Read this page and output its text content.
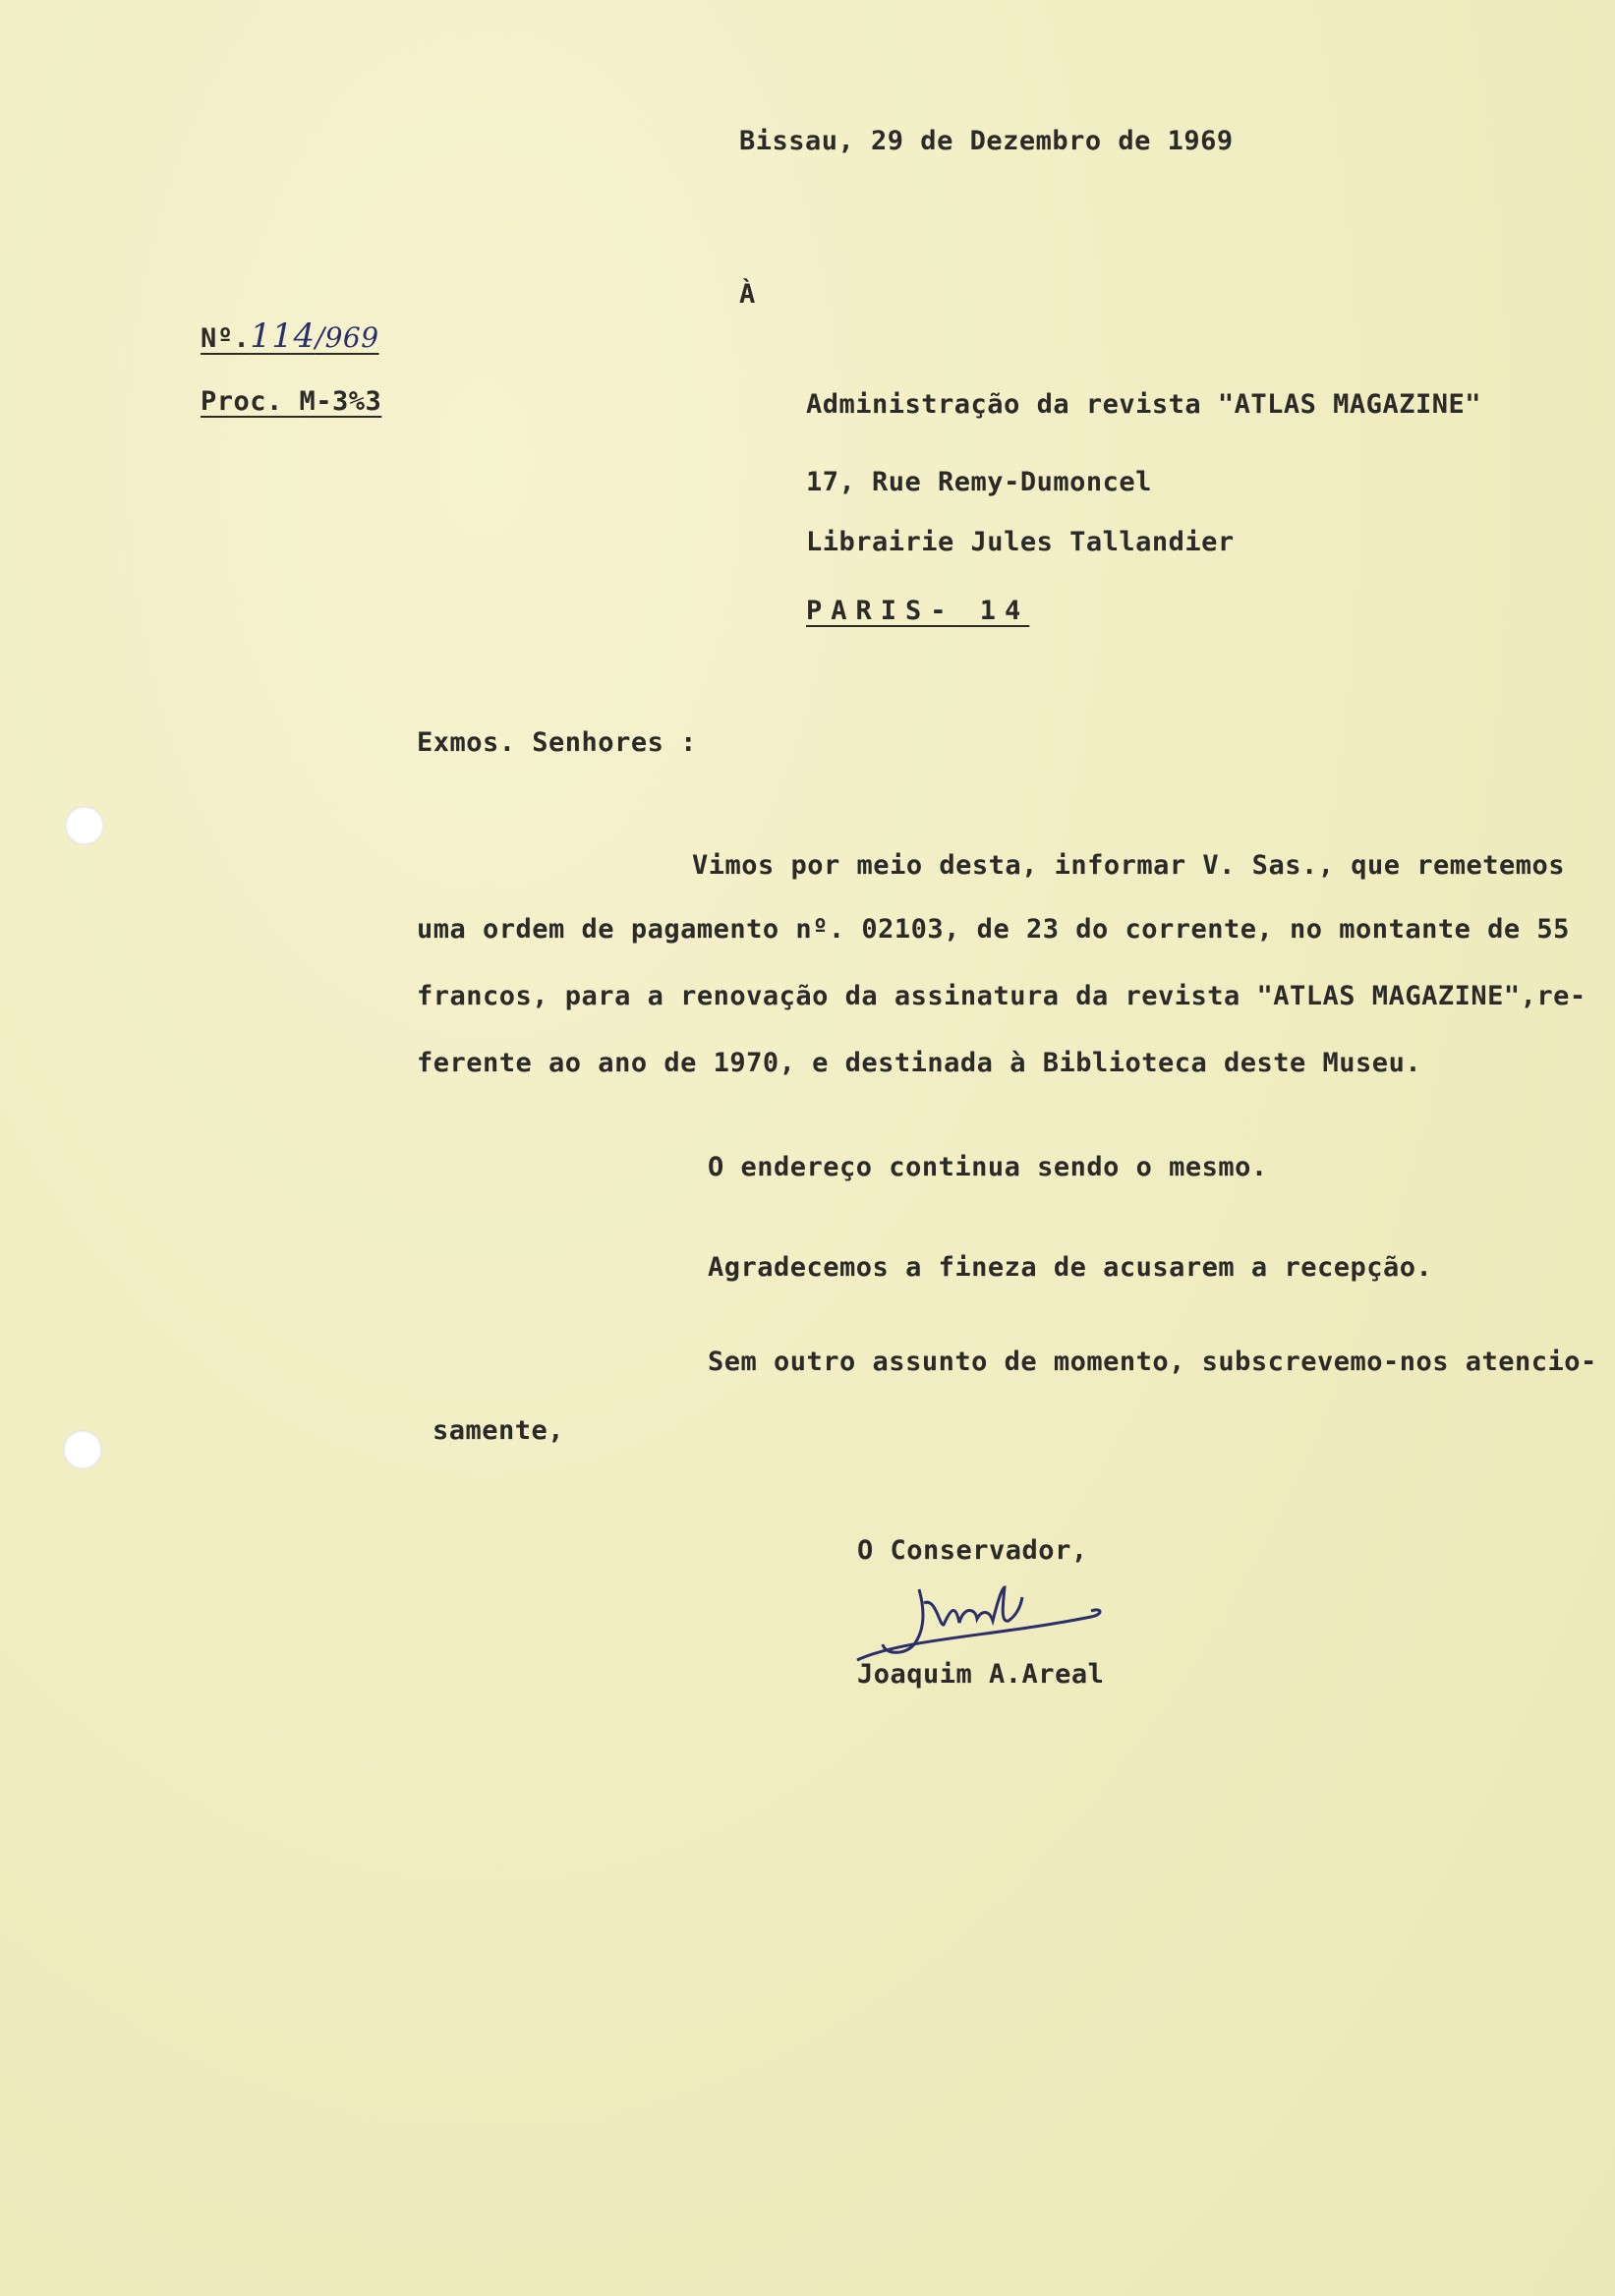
Bissau, 29 de Dezembro de 1969
À
Nº.114/969
Proc. M-3%3	Administração da revista "ATLAS MAGAZINE"
17, Rue Remy-Dumoncel
Librairie Jules Tallandier
PARIS- 14
Exmos. Senhores :
Vimos por meio desta, informar V. Sas., que remetemos
uma ordem de pagamento nº. 02103, de 23 do corrente, no montante de 55
francos, para a renovação da assinatura da revista "ATLAS MAGAZINE",re-
ferente ao ano de 1970, e destinada à Biblioteca deste Museu.
O endereço continua sendo o mesmo.
Agradecemos a fineza de acusarem a recepção.
Sem outro assunto de momento, subscrevemo-nos atencio-
samente,
O Conservador,
Joaquim A.Areal
